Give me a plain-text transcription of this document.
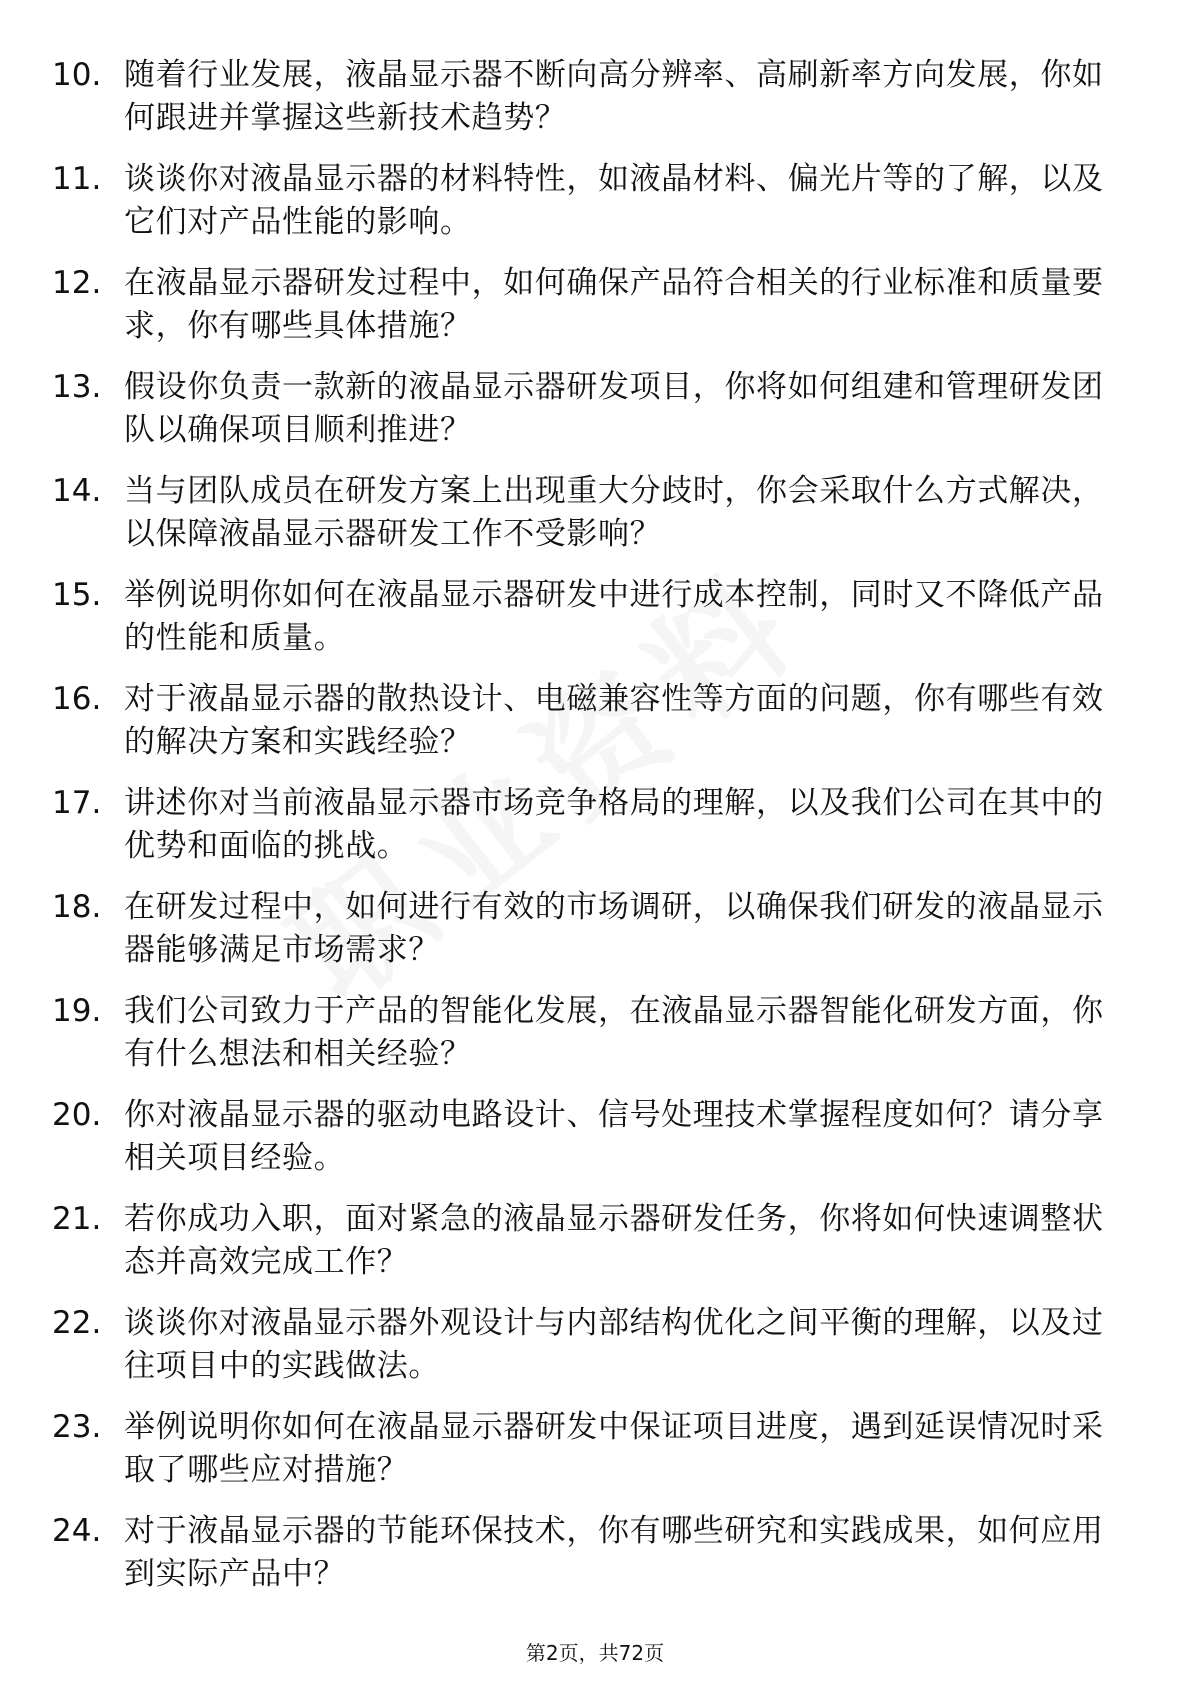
10. 随着行业发展，液晶显示器不断向高分辨率、高刷新率方向发展，你如何跟进并掌握这些新技术趋势？
11. 谈谈你对液晶显示器的材料特性，如液晶材料、偏光片等的了解，以及它们对产品性能的影响。
12. 在液晶显示器研发过程中，如何确保产品符合相关的行业标准和质量要求，你有哪些具体措施？
13. 假设你负责一款新的液晶显示器研发项目，你将如何组建和管理研发团队以确保项目顺利推进？
14. 当与团队成员在研发方案上出现重大分歧时，你会采取什么方式解决，以保障液晶显示器研发工作不受影响？
15. 举例说明你如何在液晶显示器研发中进行成本控制，同时又不降低产品的性能和质量。
16. 对于液晶显示器的散热设计、电磁兼容性等方面的问题，你有哪些有效的解决方案和实践经验？
17. 讲述你对当前液晶显示器市场竞争格局的理解，以及我们公司在其中的优势和面临的挑战。
18. 在研发过程中，如何进行有效的市场调研，以确保我们研发的液晶显示器能够满足市场需求？
19. 我们公司致力于产品的智能化发展，在液晶显示器智能化研发方面，你有什么想法和相关经验？
20. 你对液晶显示器的驱动电路设计、信号处理技术掌握程度如何？请分享相关项目经验。
21. 若你成功入职，面对紧急的液晶显示器研发任务，你将如何快速调整状态并高效完成工作？
22. 谈谈你对液晶显示器外观设计与内部结构优化之间平衡的理解，以及过往项目中的实践做法。
23. 举例说明你如何在液晶显示器研发中保证项目进度，遇到延误情况时采取了哪些应对措施？
24. 对于液晶显示器的节能环保技术，你有哪些研究和实践成果，如何应用到实际产品中？
第2页，共72页
